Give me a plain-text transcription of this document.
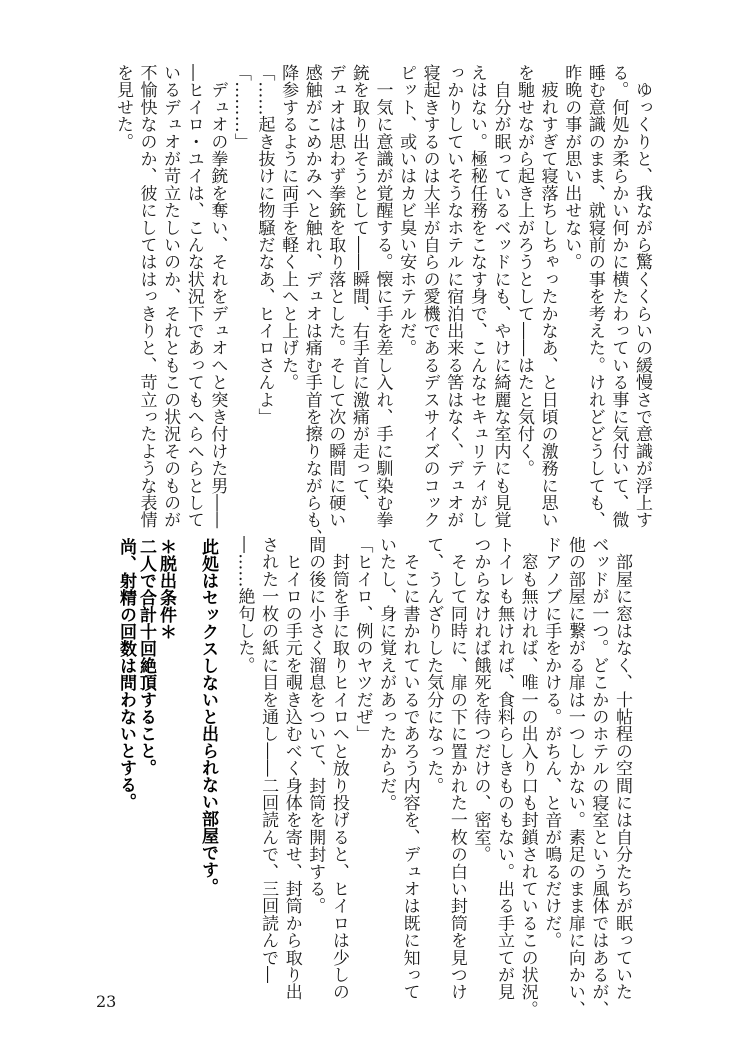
　ゆっくりと、我ながら驚くくらいの緩慢さで意識が浮上す
る。何処か柔らかい何かに横たわっている事に気付いて、微
睡む意識のまま、就寝前の事を考えた。けれどどうしても、
昨晩の事が思い出せない。
　疲れすぎて寝落ちしちゃったかなあ、と日頃の激務に思い
を馳せながら起き上がろうとして――はたと気付く。
　自分が眠っているベッドにも、やけに綺麗な室内にも見覚
えはない。極秘任務をこなす身で、こんなセキュリティがし
っかりしていそうなホテルに宿泊出来る筈はなく、デュオが
寝起きするのは大半が自らの愛機であるデスサイズのコック
ピット、或いはカビ臭い安ホテルだ。
　一気に意識が覚醒する。懐に手を差し入れ、手に馴染む拳
銃を取り出そうとして――瞬間、右手首に激痛が走って、
デュオは思わず拳銃を取り落とした。そして次の瞬間に硬い
感触がこめかみへと触れ、デュオは痛む手首を擦りながらも、
降参するように両手を軽く上へと上げた。
「……起き抜けに物騒だなあ、ヒイロさんよ」
「………」
　デュオの拳銃を奪い、それをデュオへと突き付けた男――
―ヒイロ・ユイは、こんな状況下であってもへらへらとして
いるデュオが苛立たしいのか、それともこの状況そのものが
不愉快なのか、彼にしてははっきりと、苛立ったような表情
を見せた。
　部屋に窓はなく、十帖程の空間には自分たちが眠っていた
ベッドが一つ。どこかのホテルの寝室という風体ではあるが、
他の部屋に繋がる扉は一つしかない。素足のまま扉に向かい、
ドアノブに手をかける。がちん、と音が鳴るだけだ。
　窓も無ければ、唯一の出入り口も封鎖されているこの状況。
トイレも無ければ、食料らしきものもない。出る手立てが見
つからなければ餓死を待つだけの、密室。
　そして同時に、扉の下に置かれた一枚の白い封筒を見つけ
て、うんざりした気分になった。
　そこに書かれているであろう内容を、デュオは既に知って
いたし、身に覚えがあったからだ。
「ヒイロ、例のヤツだぜ」
　封筒を手に取りヒイロへと放り投げると、ヒイロは少しの
間の後に小さく溜息をついて、封筒を開封する。
　ヒイロの手元を覗き込むべく身体を寄せ、封筒から取り出
された一枚の紙に目を通し――二回読んで、三回読んで―
―……絶句した。
此処はセックスしないと出られない部屋です。
＊脱出条件＊
二人で合計十回絶頂すること。
尚、射精の回数は問わないとする。
23
